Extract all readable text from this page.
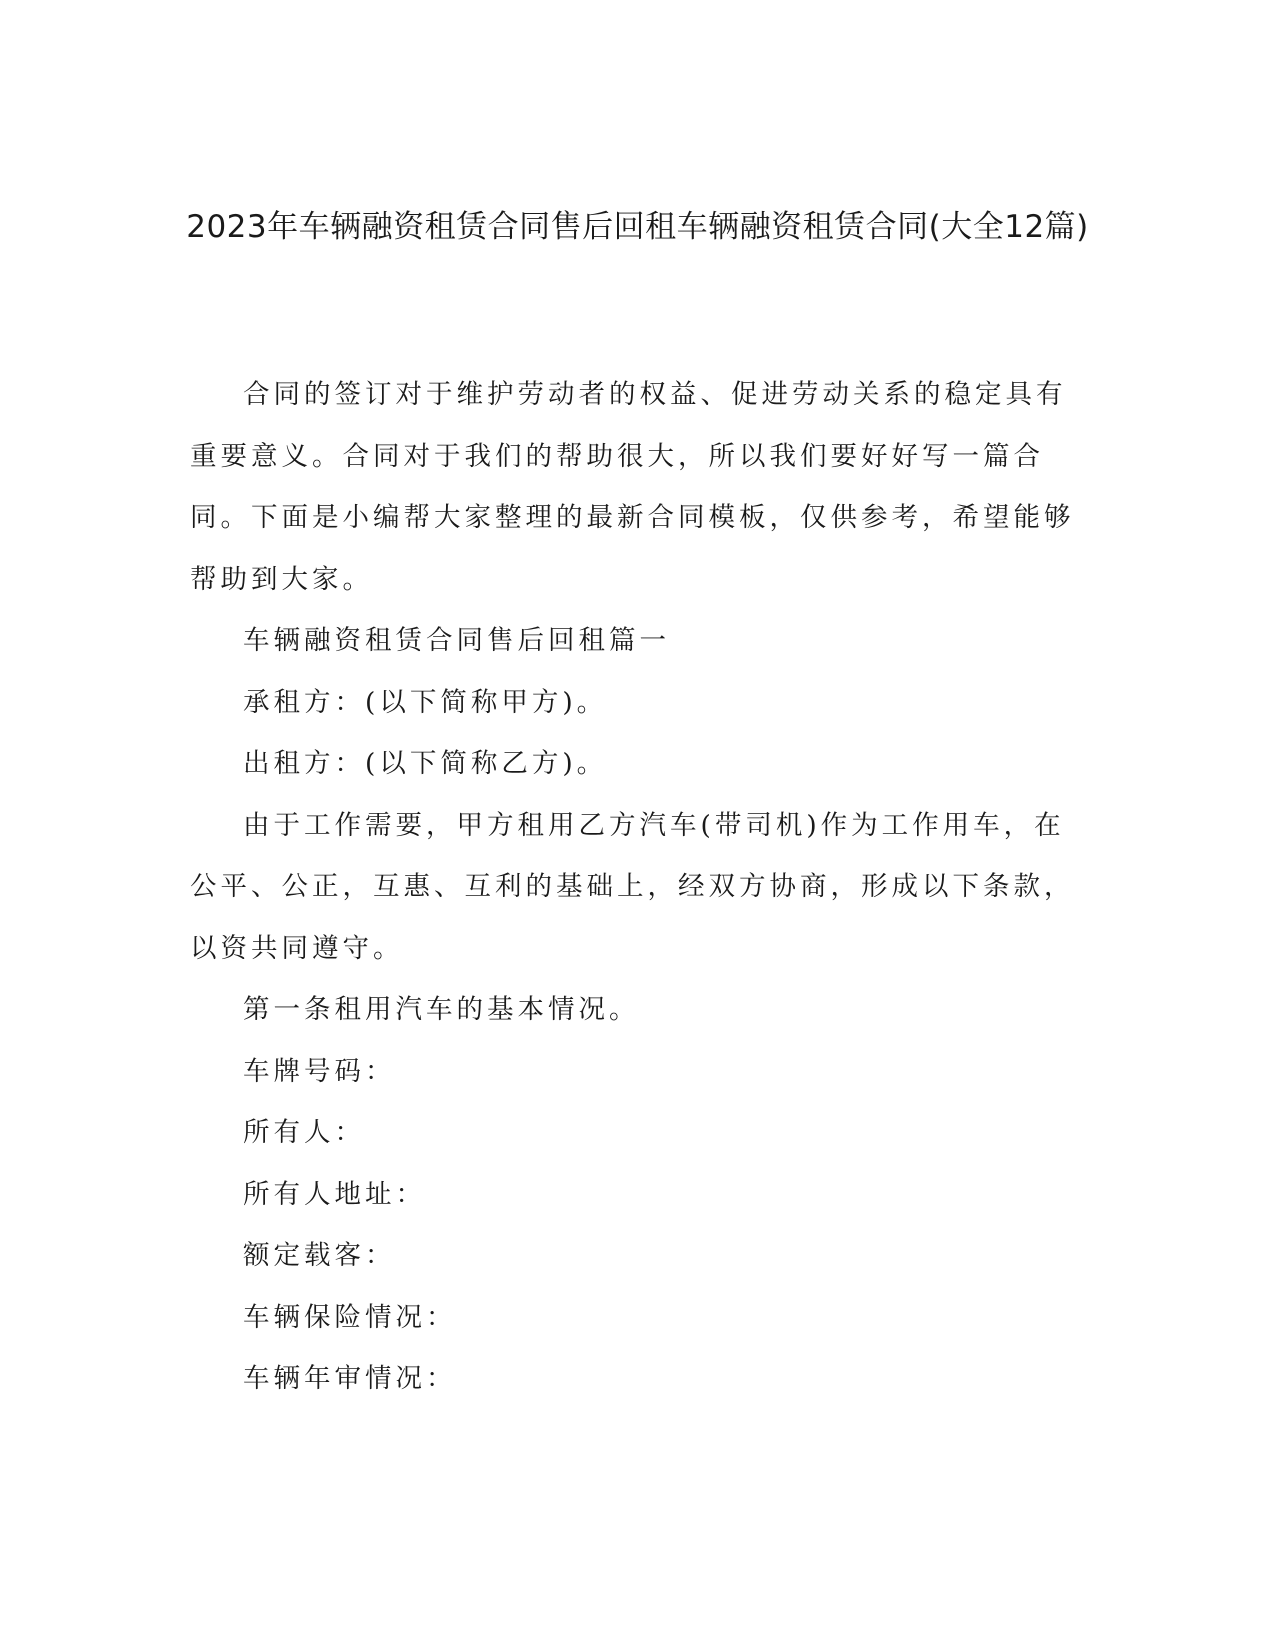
2023年车辆融资租赁合同售后回租车辆融资租赁合同(大全12篇)

合同的签订对于维护劳动者的权益、促进劳动关系的稳定具有重要意义。合同对于我们的帮助很大，所以我们要好好写一篇合同。下面是小编帮大家整理的最新合同模板，仅供参考，希望能够帮助到大家。

车辆融资租赁合同售后回租篇一

承租方：(以下简称甲方)。

出租方：(以下简称乙方)。

由于工作需要，甲方租用乙方汽车(带司机)作为工作用车，在公平、公正，互惠、互利的基础上，经双方协商，形成以下条款，以资共同遵守。

第一条租用汽车的基本情况。

车牌号码：

所有人：

所有人地址：

额定载客：

车辆保险情况：

车辆年审情况：
